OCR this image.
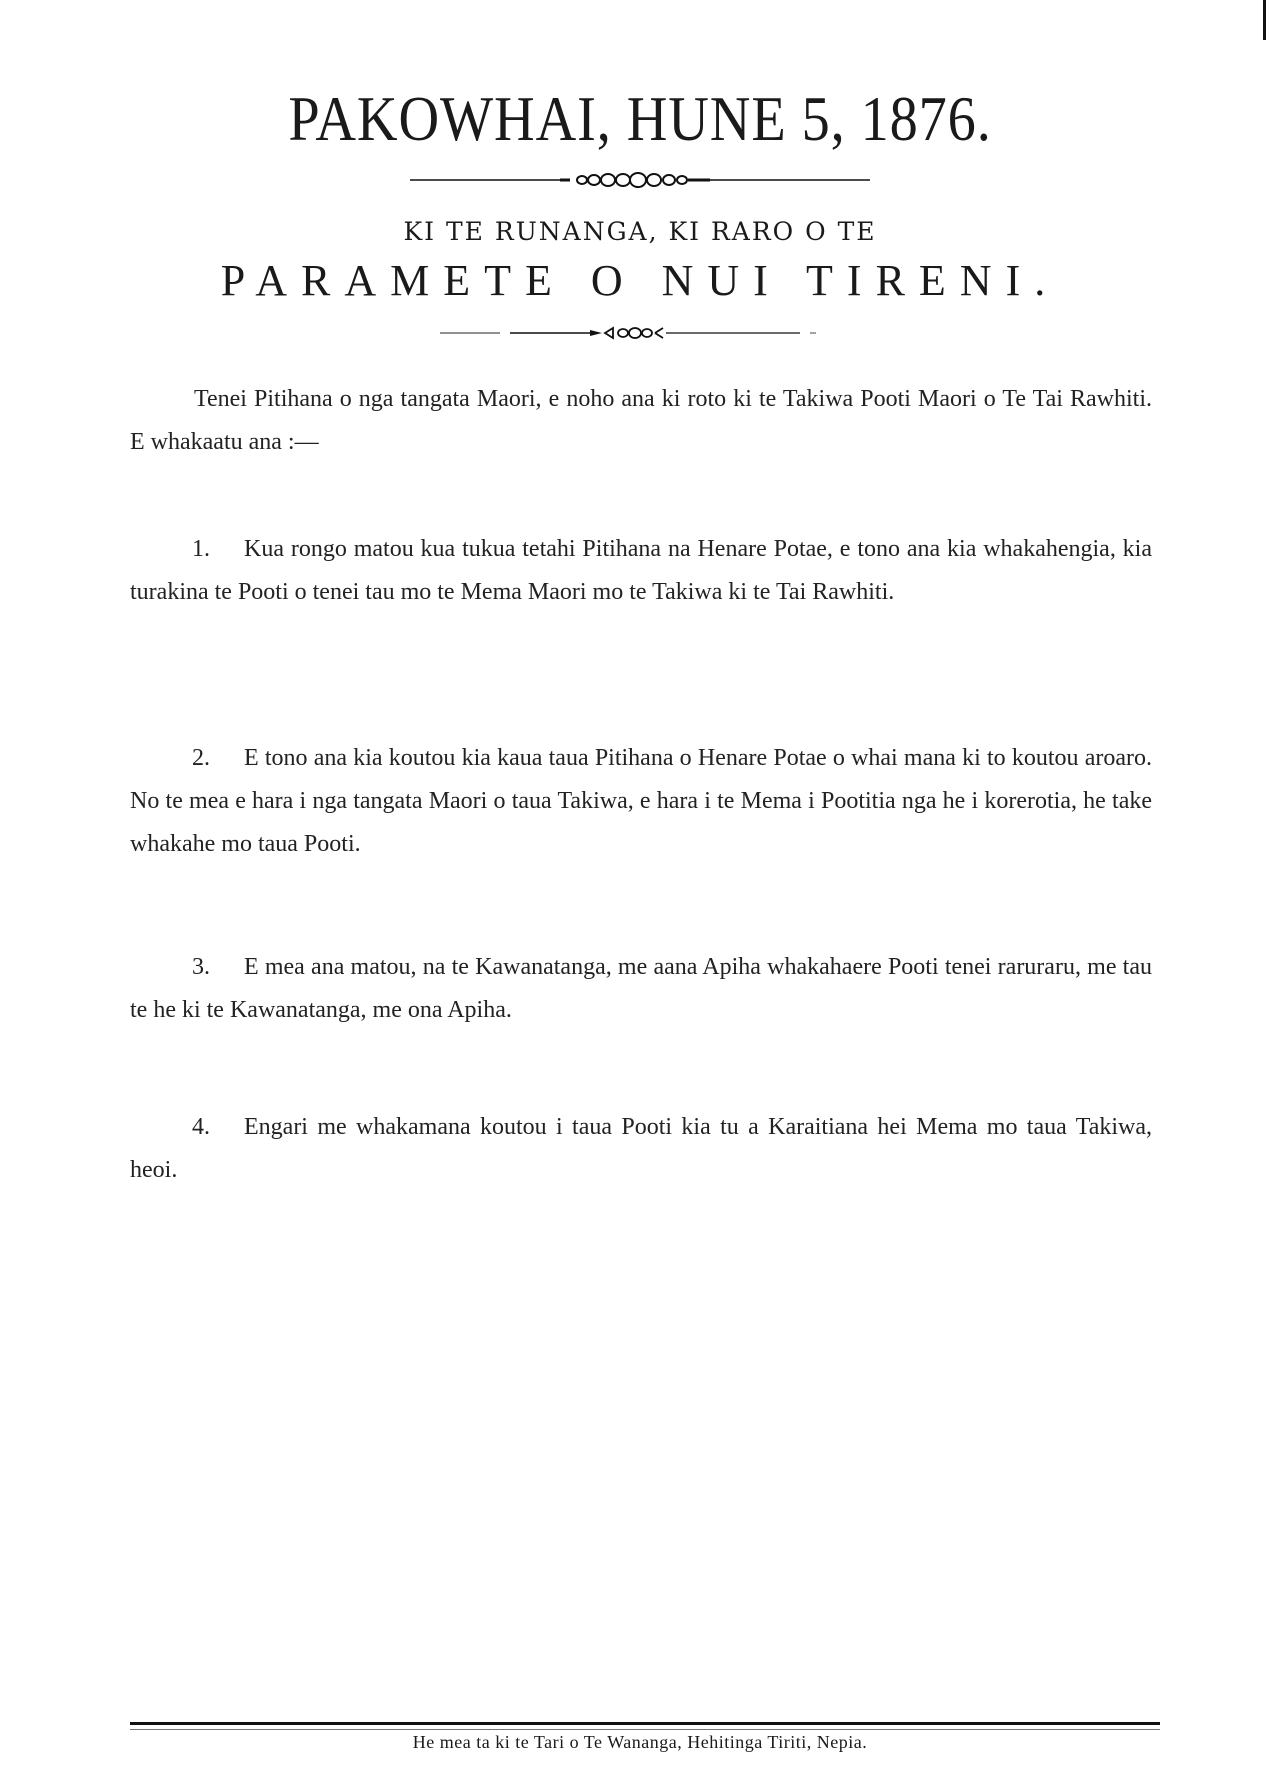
PAKOWHAI, HUNE 5, 1876.
KI TE RUNANGA, KI RARO O TE
PARAMETE O NUI TIRENI.
Tenei Pitihana o nga tangata Maori, e noho ana ki roto ki te Takiwa Pooti Maori o Te Tai Rawhiti. E whakaatu ana :—
1. Kua rongo matou kua tukua tetahi Pitihana na Henare Potae, e tono ana kia whakahengia, kia turakina te Pooti o tenei tau mo te Mema Maori mo te Takiwa ki te Tai Rawhiti.
2. E tono ana kia koutou kia kaua taua Pitihana o Henare Potae o whai mana ki to koutou aroaro. No te mea e hara i nga tangata Maori o taua Takiwa, e hara i te Mema i Pootitia nga he i korerotia, he take whakahe mo taua Pooti.
3. E mea ana matou, na te Kawanatanga, me aana Apiha whakahaere Pooti tenei raruraru, me tau te he ki te Kawanatanga, me ona Apiha.
4. Engari me whakamana koutou i taua Pooti kia tu a Karaitiana hei Mema mo taua Takiwa, heoi.
He mea ta ki te Tari o Te Wananga, Hehitinga Tiriti, Nepia.
